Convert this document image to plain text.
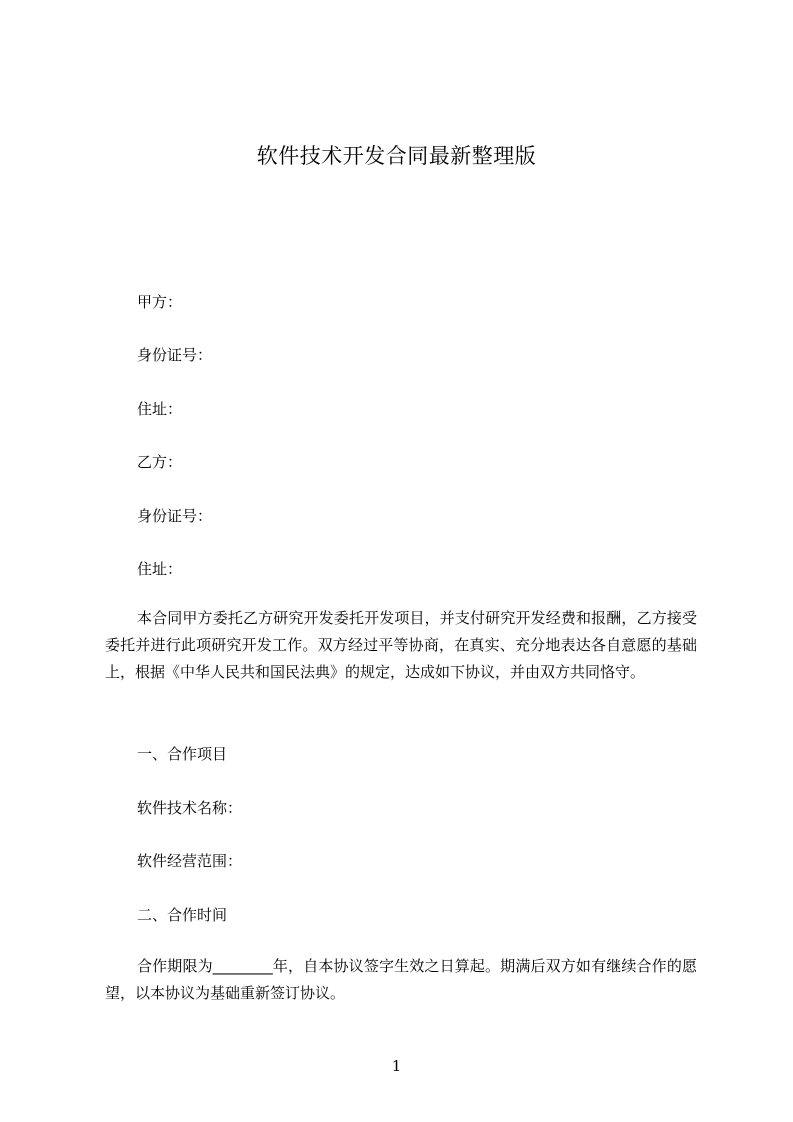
软件技术开发合同最新整理版
甲方：
身份证号：
住址：
乙方：
身份证号：
住址：
本合同甲方委托乙方研究开发委托开发项目，并支付研究开发经费和报酬，乙方接受委托并进行此项研究开发工作。双方经过平等协商，在真实、充分地表达各自意愿的基础上，根据《中华人民共和国民法典》的规定，达成如下协议，并由双方共同恪守。
一、合作项目
软件技术名称：
软件经营范围：
二、合作时间
合作期限为________年，自本协议签字生效之日算起。期满后双方如有继续合作的愿望，以本协议为基础重新签订协议。
1
